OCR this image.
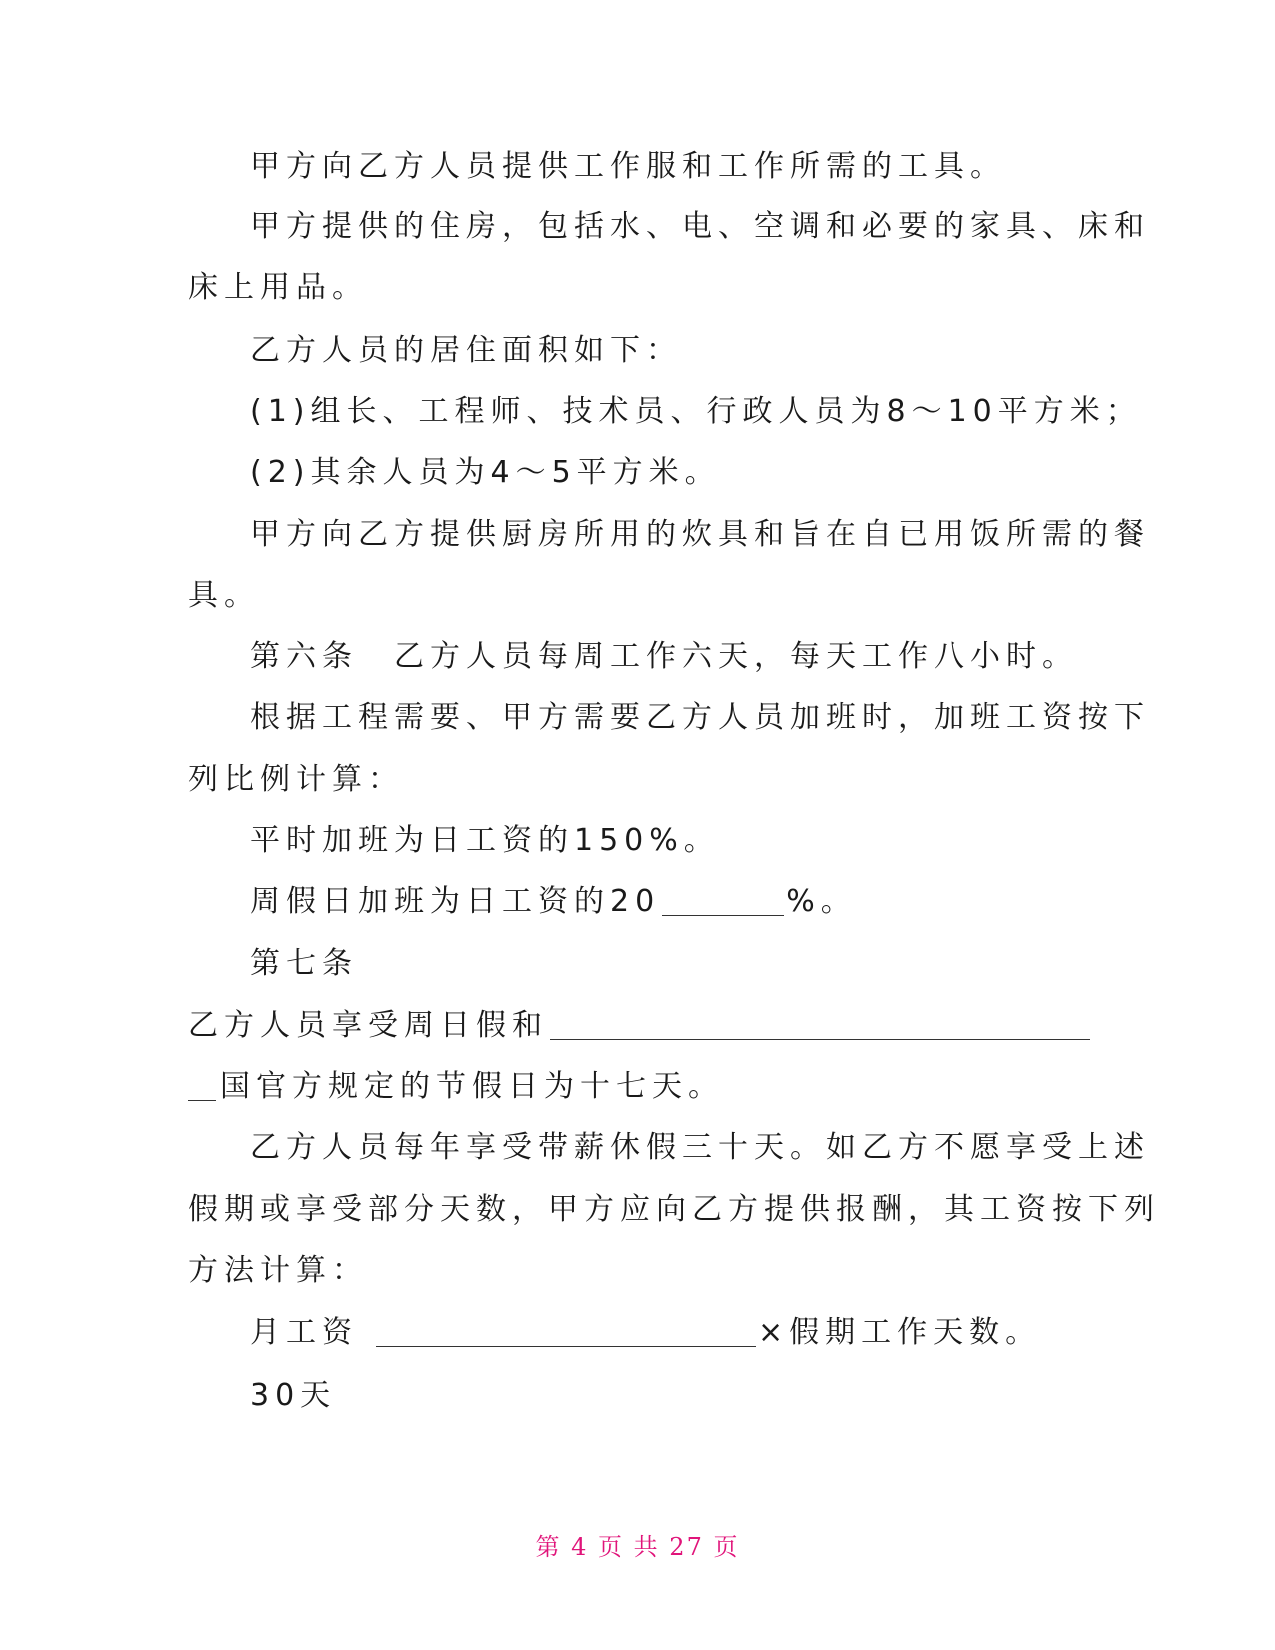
甲方向乙方人员提供工作服和工作所需的工具。
甲方提供的住房，包括水、电、空调和必要的家具、床和
床上用品。
乙方人员的居住面积如下：
(1)组长、工程师、技术员、行政人员为8～10平方米；
(2)其余人员为4～5平方米。
甲方向乙方提供厨房所用的炊具和旨在自已用饭所需的餐
具。
第六条　乙方人员每周工作六天，每天工作八小时。
根据工程需要、甲方需要乙方人员加班时，加班工资按下
列比例计算：
平时加班为日工资的150%。
周假日加班为日工资的20	%。
第七条
乙方人员享受周日假和
国官方规定的节假日为十七天。
乙方人员每年享受带薪休假三十天。如乙方不愿享受上述
假期或享受部分天数，甲方应向乙方提供报酬，其工资按下列
方法计算：
月工资	×假期工作天数。
30天
第 4 页 共 27 页
